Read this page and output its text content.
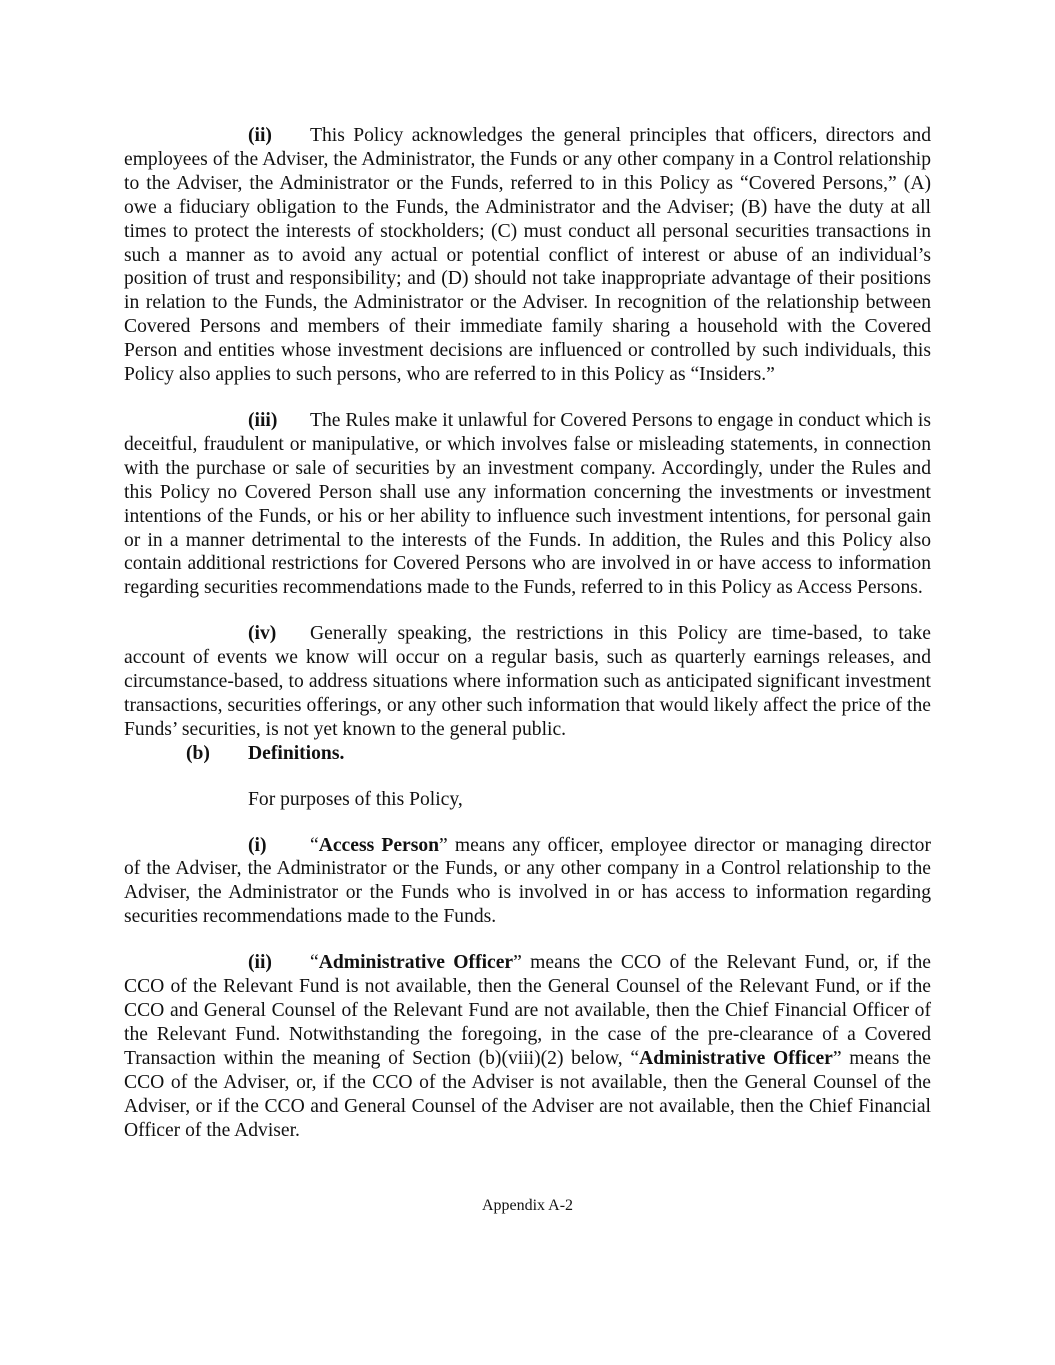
(ii) This Policy acknowledges the general principles that officers, directors and employees of the Adviser, the Administrator, the Funds or any other company in a Control relationship to the Adviser, the Administrator or the Funds, referred to in this Policy as “Covered Persons,” (A) owe a fiduciary obligation to the Funds, the Administrator and the Adviser; (B) have the duty at all times to protect the interests of stockholders; (C) must conduct all personal securities transactions in such a manner as to avoid any actual or potential conflict of interest or abuse of an individual’s position of trust and responsibility; and (D) should not take inappropriate advantage of their positions in relation to the Funds, the Administrator or the Adviser. In recognition of the relationship between Covered Persons and members of their immediate family sharing a household with the Covered Person and entities whose investment decisions are influenced or controlled by such individuals, this Policy also applies to such persons, who are referred to in this Policy as “Insiders.”

(iii) The Rules make it unlawful for Covered Persons to engage in conduct which is deceitful, fraudulent or manipulative, or which involves false or misleading statements, in connection with the purchase or sale of securities by an investment company. Accordingly, under the Rules and this Policy no Covered Person shall use any information concerning the investments or investment intentions of the Funds, or his or her ability to influence such investment intentions, for personal gain or in a manner detrimental to the interests of the Funds. In addition, the Rules and this Policy also contain additional restrictions for Covered Persons who are involved in or have access to information regarding securities recommendations made to the Funds, referred to in this Policy as Access Persons.

(iv) Generally speaking, the restrictions in this Policy are time-based, to take account of events we know will occur on a regular basis, such as quarterly earnings releases, and circumstance-based, to address situations where information such as anticipated significant investment transactions, securities offerings, or any other such information that would likely affect the price of the Funds’ securities, is not yet known to the general public.

(b) Definitions.

For purposes of this Policy,

(i) “Access Person” means any officer, employee director or managing director of the Adviser, the Administrator or the Funds, or any other company in a Control relationship to the Adviser, the Administrator or the Funds who is involved in or has access to information regarding securities recommendations made to the Funds.

(ii) “Administrative Officer” means the CCO of the Relevant Fund, or, if the CCO of the Relevant Fund is not available, then the General Counsel of the Relevant Fund, or if the CCO and General Counsel of the Relevant Fund are not available, then the Chief Financial Officer of the Relevant Fund. Notwithstanding the foregoing, in the case of the pre-clearance of a Covered Transaction within the meaning of Section (b)(viii)(2) below, “Administrative Officer” means the CCO of the Adviser, or, if the CCO of the Adviser is not available, then the General Counsel of the Adviser, or if the CCO and General Counsel of the Adviser are not available, then the Chief Financial Officer of the Adviser.

Appendix A-2
